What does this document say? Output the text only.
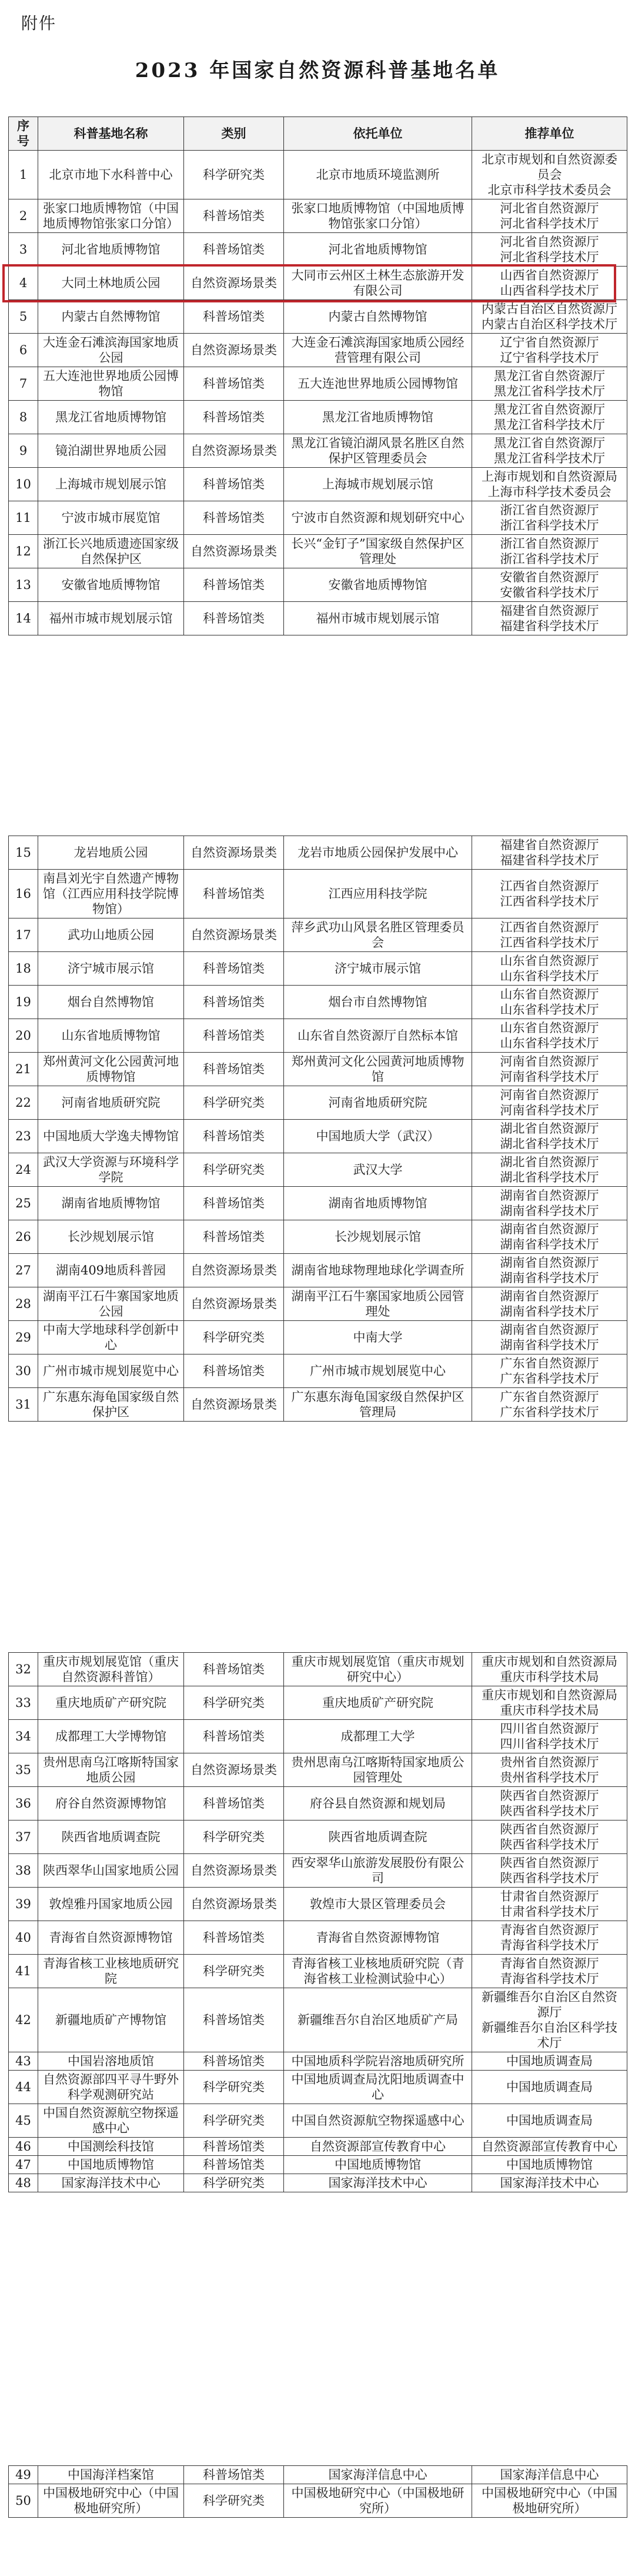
附件
2023 年国家自然资源科普基地名单
序号	科普基地名称	类别	依托单位	推荐单位
1	北京市地下水科普中心	科学研究类	北京市地质环境监测所	北京市规划和自然资源委员会
北京市科学技术委员会
2	张家口地质博物馆（中国地质博物馆张家口分馆）	科普场馆类	张家口地质博物馆（中国地质博物馆张家口分馆）	河北省自然资源厅
河北省科学技术厅
3	河北省地质博物馆	科普场馆类	河北省地质博物馆	河北省自然资源厅
河北省科学技术厅
4	大同土林地质公园	自然资源场景类	大同市云州区土林生态旅游开发有限公司	山西省自然资源厅
山西省科学技术厅
5	内蒙古自然博物馆	科普场馆类	内蒙古自然博物馆	内蒙古自治区自然资源厅
内蒙古自治区科学技术厅
6	大连金石滩滨海国家地质公园	自然资源场景类	大连金石滩滨海国家地质公园经营管理有限公司	辽宁省自然资源厅
辽宁省科学技术厅
7	五大连池世界地质公园博物馆	科普场馆类	五大连池世界地质公园博物馆	黑龙江省自然资源厅
黑龙江省科学技术厅
8	黑龙江省地质博物馆	科普场馆类	黑龙江省地质博物馆	黑龙江省自然资源厅
黑龙江省科学技术厅
9	镜泊湖世界地质公园	自然资源场景类	黑龙江省镜泊湖风景名胜区自然保护区管理委员会	黑龙江省自然资源厅
黑龙江省科学技术厅
10	上海城市规划展示馆	科普场馆类	上海城市规划展示馆	上海市规划和自然资源局
上海市科学技术委员会
11	宁波市城市展览馆	科普场馆类	宁波市自然资源和规划研究中心	浙江省自然资源厅
浙江省科学技术厅
12	浙江长兴地质遗迹国家级自然保护区	自然资源场景类	长兴“金钉子”国家级自然保护区管理处	浙江省自然资源厅
浙江省科学技术厅
13	安徽省地质博物馆	科普场馆类	安徽省地质博物馆	安徽省自然资源厅
安徽省科学技术厅
14	福州市城市规划展示馆	科普场馆类	福州市城市规划展示馆	福建省自然资源厅
福建省科学技术厅
15	龙岩地质公园	自然资源场景类	龙岩市地质公园保护发展中心	福建省自然资源厅
福建省科学技术厅
16	南昌刘光宇自然遗产博物馆（江西应用科技学院博物馆）	科普场馆类	江西应用科技学院	江西省自然资源厅
江西省科学技术厅
17	武功山地质公园	自然资源场景类	萍乡武功山风景名胜区管理委员会	江西省自然资源厅
江西省科学技术厅
18	济宁城市展示馆	科普场馆类	济宁城市展示馆	山东省自然资源厅
山东省科学技术厅
19	烟台自然博物馆	科普场馆类	烟台市自然博物馆	山东省自然资源厅
山东省科学技术厅
20	山东省地质博物馆	科普场馆类	山东省自然资源厅自然标本馆	山东省自然资源厅
山东省科学技术厅
21	郑州黄河文化公园黄河地质博物馆	科普场馆类	郑州黄河文化公园黄河地质博物馆	河南省自然资源厅
河南省科学技术厅
22	河南省地质研究院	科学研究类	河南省地质研究院	河南省自然资源厅
河南省科学技术厅
23	中国地质大学逸夫博物馆	科普场馆类	中国地质大学（武汉）	湖北省自然资源厅
湖北省科学技术厅
24	武汉大学资源与环境科学学院	科学研究类	武汉大学	湖北省自然资源厅
湖北省科学技术厅
25	湖南省地质博物馆	科普场馆类	湖南省地质博物馆	湖南省自然资源厅
湖南省科学技术厅
26	长沙规划展示馆	科普场馆类	长沙规划展示馆	湖南省自然资源厅
湖南省科学技术厅
27	湖南409地质科普园	自然资源场景类	湖南省地球物理地球化学调查所	湖南省自然资源厅
湖南省科学技术厅
28	湖南平江石牛寨国家地质公园	自然资源场景类	湖南平江石牛寨国家地质公园管理处	湖南省自然资源厅
湖南省科学技术厅
29	中南大学地球科学创新中心	科学研究类	中南大学	湖南省自然资源厅
湖南省科学技术厅
30	广州市城市规划展览中心	科普场馆类	广州市城市规划展览中心	广东省自然资源厅
广东省科学技术厅
31	广东惠东海龟国家级自然保护区	自然资源场景类	广东惠东海龟国家级自然保护区管理局	广东省自然资源厅
广东省科学技术厅
32	重庆市规划展览馆（重庆自然资源科普馆）	科普场馆类	重庆市规划展览馆（重庆市规划研究中心）	重庆市规划和自然资源局
重庆市科学技术局
33	重庆地质矿产研究院	科学研究类	重庆地质矿产研究院	重庆市规划和自然资源局
重庆市科学技术局
34	成都理工大学博物馆	科普场馆类	成都理工大学	四川省自然资源厅
四川省科学技术厅
35	贵州思南乌江喀斯特国家地质公园	自然资源场景类	贵州思南乌江喀斯特国家地质公园管理处	贵州省自然资源厅
贵州省科学技术厅
36	府谷自然资源博物馆	科普场馆类	府谷县自然资源和规划局	陕西省自然资源厅
陕西省科学技术厅
37	陕西省地质调查院	科学研究类	陕西省地质调查院	陕西省自然资源厅
陕西省科学技术厅
38	陕西翠华山国家地质公园	自然资源场景类	西安翠华山旅游发展股份有限公司	陕西省自然资源厅
陕西省科学技术厅
39	敦煌雅丹国家地质公园	自然资源场景类	敦煌市大景区管理委员会	甘肃省自然资源厅
甘肃省科学技术厅
40	青海省自然资源博物馆	科普场馆类	青海省自然资源博物馆	青海省自然资源厅
青海省科学技术厅
41	青海省核工业核地质研究院	科学研究类	青海省核工业核地质研究院（青海省核工业检测试验中心）	青海省自然资源厅
青海省科学技术厅
42	新疆地质矿产博物馆	科普场馆类	新疆维吾尔自治区地质矿产局	新疆维吾尔自治区自然资源厅
新疆维吾尔自治区科学技术厅
43	中国岩溶地质馆	科普场馆类	中国地质科学院岩溶地质研究所	中国地质调查局
44	自然资源部四平寻牛野外科学观测研究站	科学研究类	中国地质调查局沈阳地质调查中心	中国地质调查局
45	中国自然资源航空物探遥感中心	科学研究类	中国自然资源航空物探遥感中心	中国地质调查局
46	中国测绘科技馆	科普场馆类	自然资源部宣传教育中心	自然资源部宣传教育中心
47	中国地质博物馆	科普场馆类	中国地质博物馆	中国地质博物馆
48	国家海洋技术中心	科学研究类	国家海洋技术中心	国家海洋技术中心
49	中国海洋档案馆	科普场馆类	国家海洋信息中心	国家海洋信息中心
50	中国极地研究中心（中国极地研究所）	科学研究类	中国极地研究中心（中国极地研究所）	中国极地研究中心（中国极地研究所）
